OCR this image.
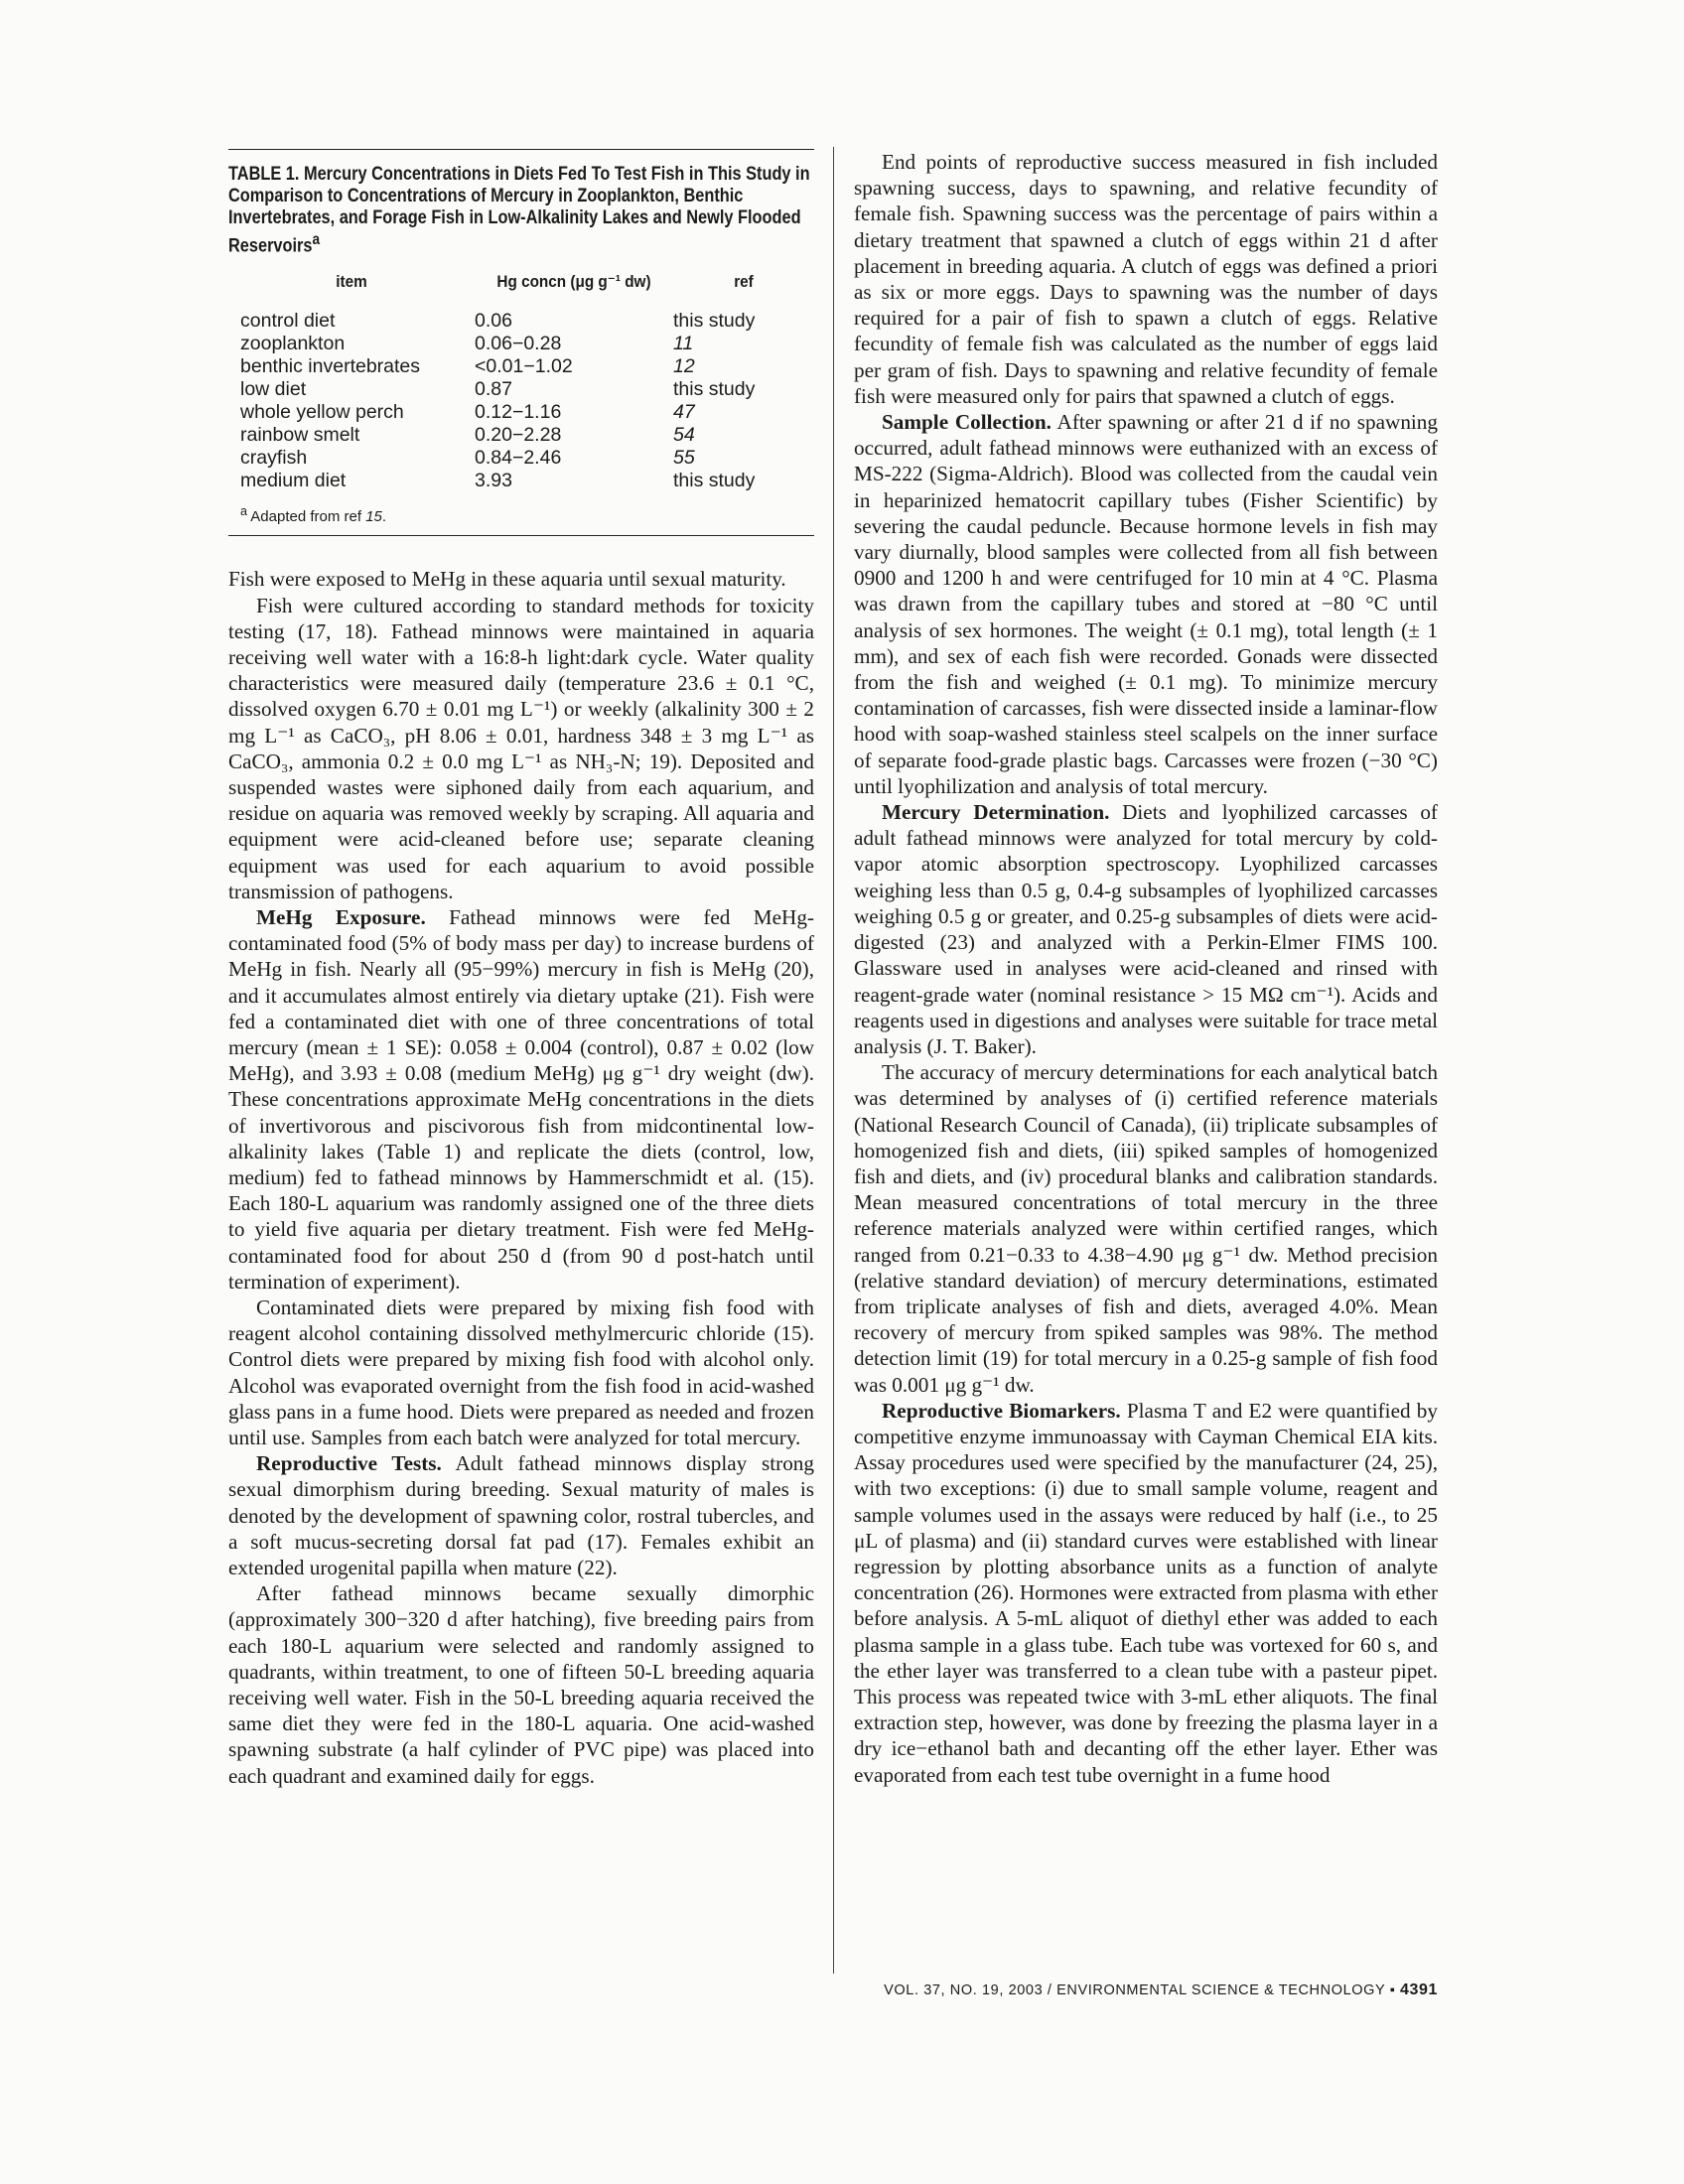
TABLE 1. Mercury Concentrations in Diets Fed To Test Fish in This Study in Comparison to Concentrations of Mercury in Zooplankton, Benthic Invertebrates, and Forage Fish in Low-Alkalinity Lakes and Newly Flooded Reservoirs$^a$
item	Hg concn (μg g⁻¹ dw)	ref
control diet	0.06	this study
zooplankton	0.06−0.28	11
benthic invertebrates	<0.01−1.02	12
low diet	0.87	this study
whole yellow perch	0.12−1.16	47
rainbow smelt	0.20−2.28	54
crayfish	0.84−2.46	55
medium diet	3.93	this study
$^a$ Adapted from ref 15.

Fish were exposed to MeHg in these aquaria until sexual maturity.

Fish were cultured according to standard methods for toxicity testing (17, 18). Fathead minnows were maintained in aquaria receiving well water with a 16:8-h light:dark cycle. Water quality characteristics were measured daily (temperature 23.6 ± 0.1 °C, dissolved oxygen 6.70 ± 0.01 mg L⁻¹) or weekly (alkalinity 300 ± 2 mg L⁻¹ as CaCO₃, pH 8.06 ± 0.01, hardness 348 ± 3 mg L⁻¹ as CaCO₃, ammonia 0.2 ± 0.0 mg L⁻¹ as NH₃-N; 19). Deposited and suspended wastes were siphoned daily from each aquarium, and residue on aquaria was removed weekly by scraping. All aquaria and equipment were acid-cleaned before use; separate cleaning equipment was used for each aquarium to avoid possible transmission of pathogens.

MeHg Exposure. Fathead minnows were fed MeHg-contaminated food (5% of body mass per day) to increase burdens of MeHg in fish. Nearly all (95−99%) mercury in fish is MeHg (20), and it accumulates almost entirely via dietary uptake (21). Fish were fed a contaminated diet with one of three concentrations of total mercury (mean ± 1 SE): 0.058 ± 0.004 (control), 0.87 ± 0.02 (low MeHg), and 3.93 ± 0.08 (medium MeHg) μg g⁻¹ dry weight (dw). These concentrations approximate MeHg concentrations in the diets of invertivorous and piscivorous fish from midcontinental low-alkalinity lakes (Table 1) and replicate the diets (control, low, medium) fed to fathead minnows by Hammerschmidt et al. (15). Each 180-L aquarium was randomly assigned one of the three diets to yield five aquaria per dietary treatment. Fish were fed MeHg-contaminated food for about 250 d (from 90 d post-hatch until termination of experiment).

Contaminated diets were prepared by mixing fish food with reagent alcohol containing dissolved methylmercuric chloride (15). Control diets were prepared by mixing fish food with alcohol only. Alcohol was evaporated overnight from the fish food in acid-washed glass pans in a fume hood. Diets were prepared as needed and frozen until use. Samples from each batch were analyzed for total mercury.

Reproductive Tests. Adult fathead minnows display strong sexual dimorphism during breeding. Sexual maturity of males is denoted by the development of spawning color, rostral tubercles, and a soft mucus-secreting dorsal fat pad (17). Females exhibit an extended urogenital papilla when mature (22).

After fathead minnows became sexually dimorphic (approximately 300−320 d after hatching), five breeding pairs from each 180-L aquarium were selected and randomly assigned to quadrants, within treatment, to one of fifteen 50-L breeding aquaria receiving well water. Fish in the 50-L breeding aquaria received the same diet they were fed in the 180-L aquaria. One acid-washed spawning substrate (a half cylinder of PVC pipe) was placed into each quadrant and examined daily for eggs.

End points of reproductive success measured in fish included spawning success, days to spawning, and relative fecundity of female fish. Spawning success was the percentage of pairs within a dietary treatment that spawned a clutch of eggs within 21 d after placement in breeding aquaria. A clutch of eggs was defined a priori as six or more eggs. Days to spawning was the number of days required for a pair of fish to spawn a clutch of eggs. Relative fecundity of female fish was calculated as the number of eggs laid per gram of fish. Days to spawning and relative fecundity of female fish were measured only for pairs that spawned a clutch of eggs.

Sample Collection. After spawning or after 21 d if no spawning occurred, adult fathead minnows were euthanized with an excess of MS-222 (Sigma-Aldrich). Blood was collected from the caudal vein in heparinized hematocrit capillary tubes (Fisher Scientific) by severing the caudal peduncle. Because hormone levels in fish may vary diurnally, blood samples were collected from all fish between 0900 and 1200 h and were centrifuged for 10 min at 4 °C. Plasma was drawn from the capillary tubes and stored at −80 °C until analysis of sex hormones. The weight (± 0.1 mg), total length (± 1 mm), and sex of each fish were recorded. Gonads were dissected from the fish and weighed (± 0.1 mg). To minimize mercury contamination of carcasses, fish were dissected inside a laminar-flow hood with soap-washed stainless steel scalpels on the inner surface of separate food-grade plastic bags. Carcasses were frozen (−30 °C) until lyophilization and analysis of total mercury.

Mercury Determination. Diets and lyophilized carcasses of adult fathead minnows were analyzed for total mercury by cold-vapor atomic absorption spectroscopy. Lyophilized carcasses weighing less than 0.5 g, 0.4-g subsamples of lyophilized carcasses weighing 0.5 g or greater, and 0.25-g subsamples of diets were acid-digested (23) and analyzed with a Perkin-Elmer FIMS 100. Glassware used in analyses were acid-cleaned and rinsed with reagent-grade water (nominal resistance > 15 MΩ cm⁻¹). Acids and reagents used in digestions and analyses were suitable for trace metal analysis (J. T. Baker).

The accuracy of mercury determinations for each analytical batch was determined by analyses of (i) certified reference materials (National Research Council of Canada), (ii) triplicate subsamples of homogenized fish and diets, (iii) spiked samples of homogenized fish and diets, and (iv) procedural blanks and calibration standards. Mean measured concentrations of total mercury in the three reference materials analyzed were within certified ranges, which ranged from 0.21−0.33 to 4.38−4.90 μg g⁻¹ dw. Method precision (relative standard deviation) of mercury determinations, estimated from triplicate analyses of fish and diets, averaged 4.0%. Mean recovery of mercury from spiked samples was 98%. The method detection limit (19) for total mercury in a 0.25-g sample of fish food was 0.001 μg g⁻¹ dw.

Reproductive Biomarkers. Plasma T and E2 were quantified by competitive enzyme immunoassay with Cayman Chemical EIA kits. Assay procedures used were specified by the manufacturer (24, 25), with two exceptions: (i) due to small sample volume, reagent and sample volumes used in the assays were reduced by half (i.e., to 25 μL of plasma) and (ii) standard curves were established with linear regression by plotting absorbance units as a function of analyte concentration (26). Hormones were extracted from plasma with ether before analysis. A 5-mL aliquot of diethyl ether was added to each plasma sample in a glass tube. Each tube was vortexed for 60 s, and the ether layer was transferred to a clean tube with a pasteur pipet. This process was repeated twice with 3-mL ether aliquots. The final extraction step, however, was done by freezing the plasma layer in a dry ice−ethanol bath and decanting off the ether layer. Ether was evaporated from each test tube overnight in a fume hood

VOL. 37, NO. 19, 2003 / ENVIRONMENTAL SCIENCE & TECHNOLOGY ▪ 4391
